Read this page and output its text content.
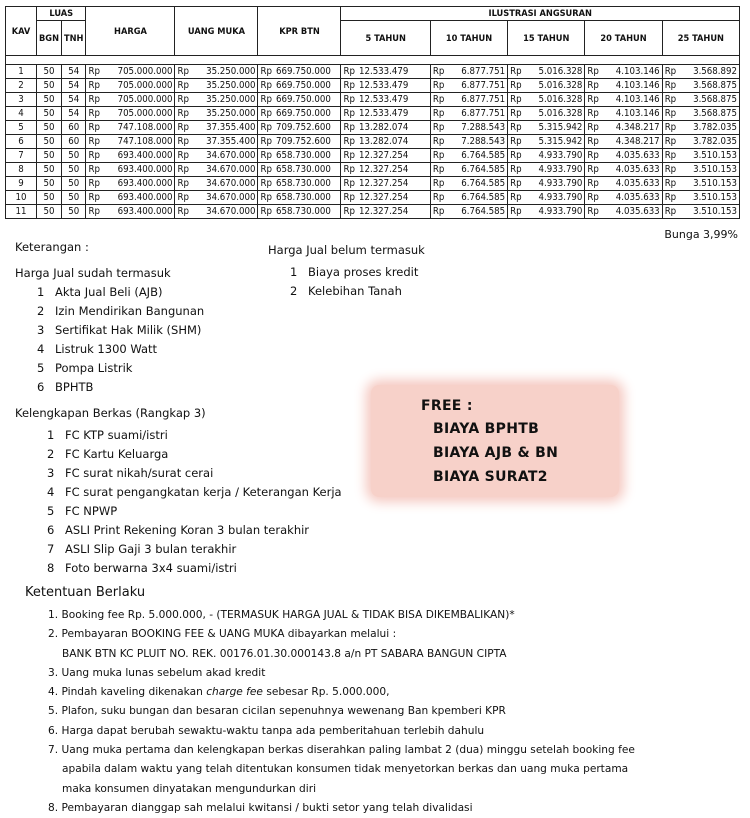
KAV	LUAS		HARGA	UANG MUKA	KPR BTN	ILUSTRASI ANGSURAN				
	BGN	TNH				5 TAHUN	10 TAHUN	15 TAHUN	20 TAHUN	25 TAHUN

1	50	54	Rp 705.000.000	Rp 35.250.000	Rp 669.750.000	Rp 12.533.479	Rp 6.877.751	Rp 5.016.328	Rp 4.103.146	Rp 3.568.892

2	50	54	Rp 705.000.000	Rp 35.250.000	Rp 669.750.000	Rp 12.533.479	Rp 6.877.751	Rp 5.016.328	Rp 4.103.146	Rp 3.568.875

3	50	54	Rp 705.000.000	Rp 35.250.000	Rp 669.750.000	Rp 12.533.479	Rp 6.877.751	Rp 5.016.328	Rp 4.103.146	Rp 3.568.875

4	50	54	Rp 705.000.000	Rp 35.250.000	Rp 669.750.000	Rp 12.533.479	Rp 6.877.751	Rp 5.016.328	Rp 4.103.146	Rp 3.568.875

5	50	60	Rp 747.108.000	Rp 37.355.400	Rp 709.752.600	Rp 13.282.074	Rp 7.288.543	Rp 5.315.942	Rp 4.348.217	Rp 3.782.035

6	50	60	Rp 747.108.000	Rp 37.355.400	Rp 709.752.600	Rp 13.282.074	Rp 7.288.543	Rp 5.315.942	Rp 4.348.217	Rp 3.782.035

7	50	50	Rp 693.400.000	Rp 34.670.000	Rp 658.730.000	Rp 12.327.254	Rp 6.764.585	Rp 4.933.790	Rp 4.035.633	Rp 3.510.153

8	50	50	Rp 693.400.000	Rp 34.670.000	Rp 658.730.000	Rp 12.327.254	Rp 6.764.585	Rp 4.933.790	Rp 4.035.633	Rp 3.510.153

9	50	50	Rp 693.400.000	Rp 34.670.000	Rp 658.730.000	Rp 12.327.254	Rp 6.764.585	Rp 4.933.790	Rp 4.035.633	Rp 3.510.153

10	50	50	Rp 693.400.000	Rp 34.670.000	Rp 658.730.000	Rp 12.327.254	Rp 6.764.585	Rp 4.933.790	Rp 4.035.633	Rp 3.510.153

11	50	50	Rp 693.400.000	Rp 34.670.000	Rp 658.730.000	Rp 12.327.254	Rp 6.764.585	Rp 4.933.790	Rp 4.035.633	Rp 3.510.153
Bunga 3,99%
Keterangan :
Harga Jual sudah termasuk
1 Akta Jual Beli (AJB)
2 Izin Mendirikan Bangunan
3 Sertifikat Hak Milik (SHM)
4 Listruk 1300 Watt
5 Pompa Listrik
6 BPHTB
Harga Jual belum termasuk
1 Biaya proses kredit
2 Kelebihan Tanah
Kelengkapan Berkas (Rangkap 3)
1 FC KTP suami/istri
2 FC Kartu Keluarga
3 FC surat nikah/surat cerai
4 FC surat pengangkatan kerja / Keterangan Kerja
5 FC NPWP
6 ASLI Print Rekening Koran 3 bulan terakhir
7 ASLI Slip Gaji 3 bulan terakhir
8 Foto berwarna 3x4 suami/istri
FREE :
BIAYA BPHTB
BIAYA AJB & BN
BIAYA SURAT2
Ketentuan Berlaku
1. Booking fee Rp. 5.000.000, - (TERMASUK HARGA JUAL & TIDAK BISA DIKEMBALIKAN)*
2. Pembayaran BOOKING FEE & UANG MUKA dibayarkan melalui :
BANK BTN KC PLUIT NO. REK. 00176.01.30.000143.8 a/n PT SABARA BANGUN CIPTA
3. Uang muka lunas sebelum akad kredit
4. Pindah kaveling dikenakan charge fee sebesar Rp. 5.000.000,
5. Plafon, suku bungan dan besaran cicilan sepenuhnya wewenang Ban kpemberi KPR
6. Harga dapat berubah sewaktu-waktu tanpa ada pemberitahuan terlebih dahulu
7. Uang muka pertama dan kelengkapan berkas diserahkan paling lambat 2 (dua) minggu setelah booking fee
apabila dalam waktu yang telah ditentukan konsumen tidak menyetorkan berkas dan uang muka pertama
maka konsumen dinyatakan mengundurkan diri
8. Pembayaran dianggap sah melalui kwitansi / bukti setor yang telah divalidasi
